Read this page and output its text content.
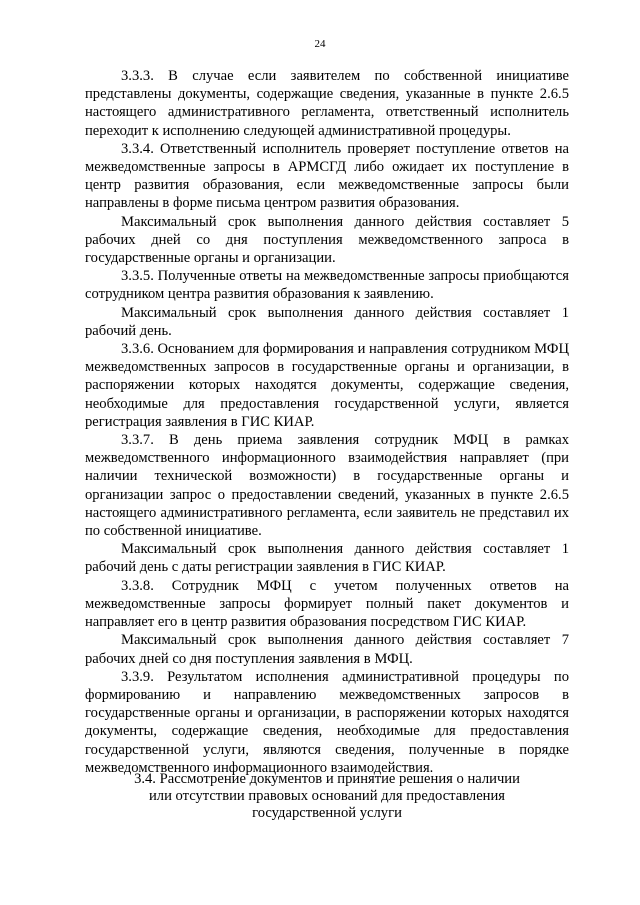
24

3.3.3. В случае если заявителем по собственной инициативе представлены документы, содержащие сведения, указанные в пункте 2.6.5 настоящего административного регламента, ответственный исполнитель переходит к исполнению следующей административной процедуры.

3.3.4. Ответственный исполнитель проверяет поступление ответов на межведомственные запросы в АРМСГД либо ожидает их поступление в центр развития образования, если межведомственные запросы были направлены в форме письма центром развития образования.

Максимальный срок выполнения данного действия составляет 5 рабочих дней со дня поступления межведомственного запроса в государственные органы и организации.

3.3.5. Полученные ответы на межведомственные запросы приобщаются сотрудником центра развития образования к заявлению.

Максимальный срок выполнения данного действия составляет 1 рабочий день.

3.3.6. Основанием для формирования и направления сотрудником МФЦ межведомственных запросов в государственные органы и организации, в распоряжении которых находятся документы, содержащие сведения, необходимые для предоставления государственной услуги, является регистрация заявления в ГИС КИАР.

3.3.7. В день приема заявления сотрудник МФЦ в рамках межведомственного информационного взаимодействия направляет (при наличии технической возможности) в государственные органы и организации запрос о предоставлении сведений, указанных в пункте 2.6.5 настоящего административного регламента, если заявитель не представил их по собственной инициативе.

Максимальный срок выполнения данного действия составляет 1 рабочий день с даты регистрации заявления в ГИС КИАР.

3.3.8. Сотрудник МФЦ с учетом полученных ответов на межведомственные запросы формирует полный пакет документов и направляет его в центр развития образования посредством ГИС КИАР.

Максимальный срок выполнения данного действия составляет 7 рабочих дней со дня поступления заявления в МФЦ.

3.3.9. Результатом исполнения административной процедуры по формированию и направлению межведомственных запросов в государственные органы и организации, в распоряжении которых находятся документы, содержащие сведения, необходимые для предоставления государственной услуги, являются сведения, полученные в порядке межведомственного информационного взаимодействия.

3.4. Рассмотрение документов и принятие решения о наличии
или отсутствии правовых оснований для предоставления
государственной услуги
